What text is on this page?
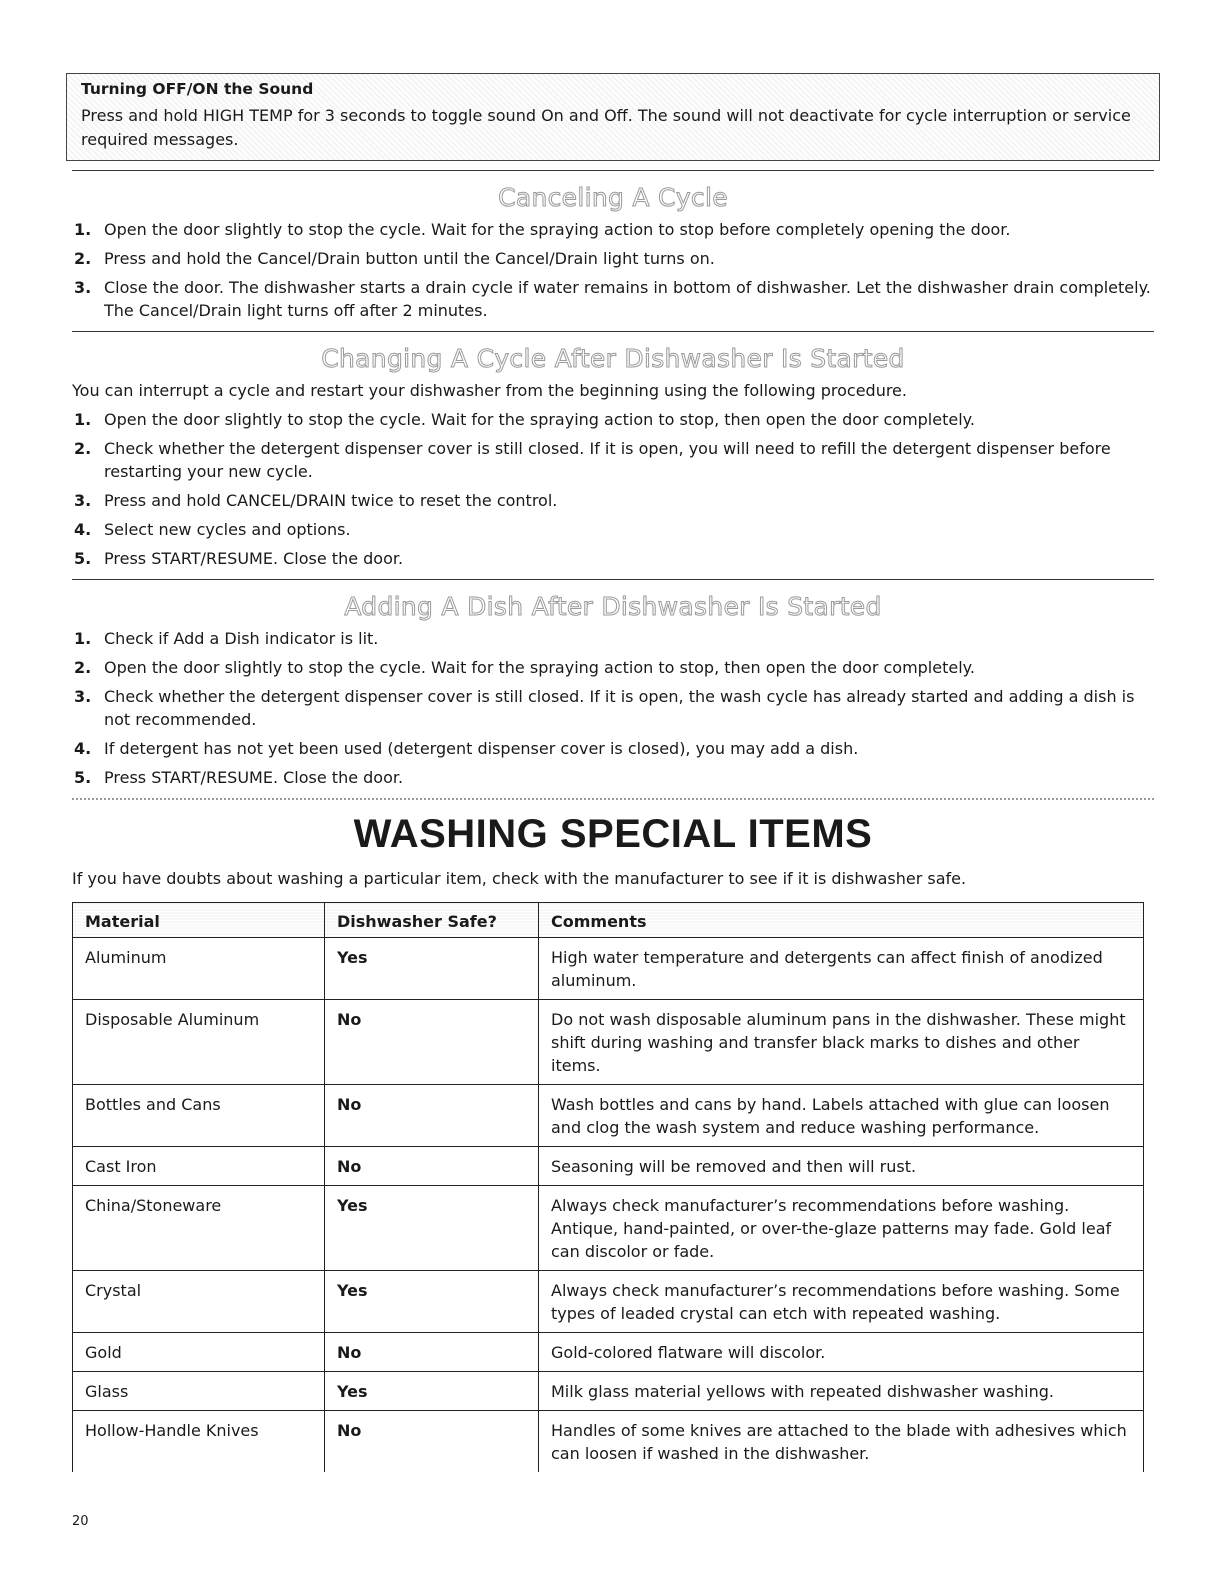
Turning OFF/ON the Sound

Press and hold HIGH TEMP for 3 seconds to toggle sound On and Off. The sound will not deactivate for cycle interruption or service required messages.

Canceling A Cycle
1. Open the door slightly to stop the cycle. Wait for the spraying action to stop before completely opening the door.
2. Press and hold the Cancel/Drain button until the Cancel/Drain light turns on.
3. Close the door. The dishwasher starts a drain cycle if water remains in bottom of dishwasher. Let the dishwasher drain completely. The Cancel/Drain light turns off after 2 minutes.
Changing A Cycle After Dishwasher Is Started

You can interrupt a cycle and restart your dishwasher from the beginning using the following procedure.

1. Open the door slightly to stop the cycle. Wait for the spraying action to stop, then open the door completely.
2. Check whether the detergent dispenser cover is still closed. If it is open, you will need to refill the detergent dispenser before restarting your new cycle.
3. Press and hold CANCEL/DRAIN twice to reset the control.
4. Select new cycles and options.
5. Press START/RESUME. Close the door.
Adding A Dish After Dishwasher Is Started
1. Check if Add a Dish indicator is lit.
2. Open the door slightly to stop the cycle. Wait for the spraying action to stop, then open the door completely.
3. Check whether the detergent dispenser cover is still closed. If it is open, the wash cycle has already started and adding a dish is not recommended.
4. If detergent has not yet been used (detergent dispenser cover is closed), you may add a dish.
5. Press START/RESUME. Close the door.
WASHING SPECIAL ITEMS

If you have doubts about washing a particular item, check with the manufacturer to see if it is dishwasher safe.

Material	Dishwasher Safe?	Comments
Aluminum	Yes	High water temperature and detergents can affect finish of anodized aluminum.
Disposable Aluminum	No	Do not wash disposable aluminum pans in the dishwasher. These might shift during washing and transfer black marks to dishes and other items.
Bottles and Cans	No	Wash bottles and cans by hand. Labels attached with glue can loosen and clog the wash system and reduce washing performance.
Cast Iron	No	Seasoning will be removed and then will rust.
China/Stoneware	Yes	Always check manufacturer’s recommendations before washing. Antique, hand-painted, or over-the-glaze patterns may fade. Gold leaf can discolor or fade.
Crystal	Yes	Always check manufacturer’s recommendations before washing. Some types of leaded crystal can etch with repeated washing.
Gold	No	Gold-colored flatware will discolor.
Glass	Yes	Milk glass material yellows with repeated dishwasher washing.
Hollow-Handle Knives	No	Handles of some knives are attached to the blade with adhesives which can loosen if washed in the dishwasher.
20
